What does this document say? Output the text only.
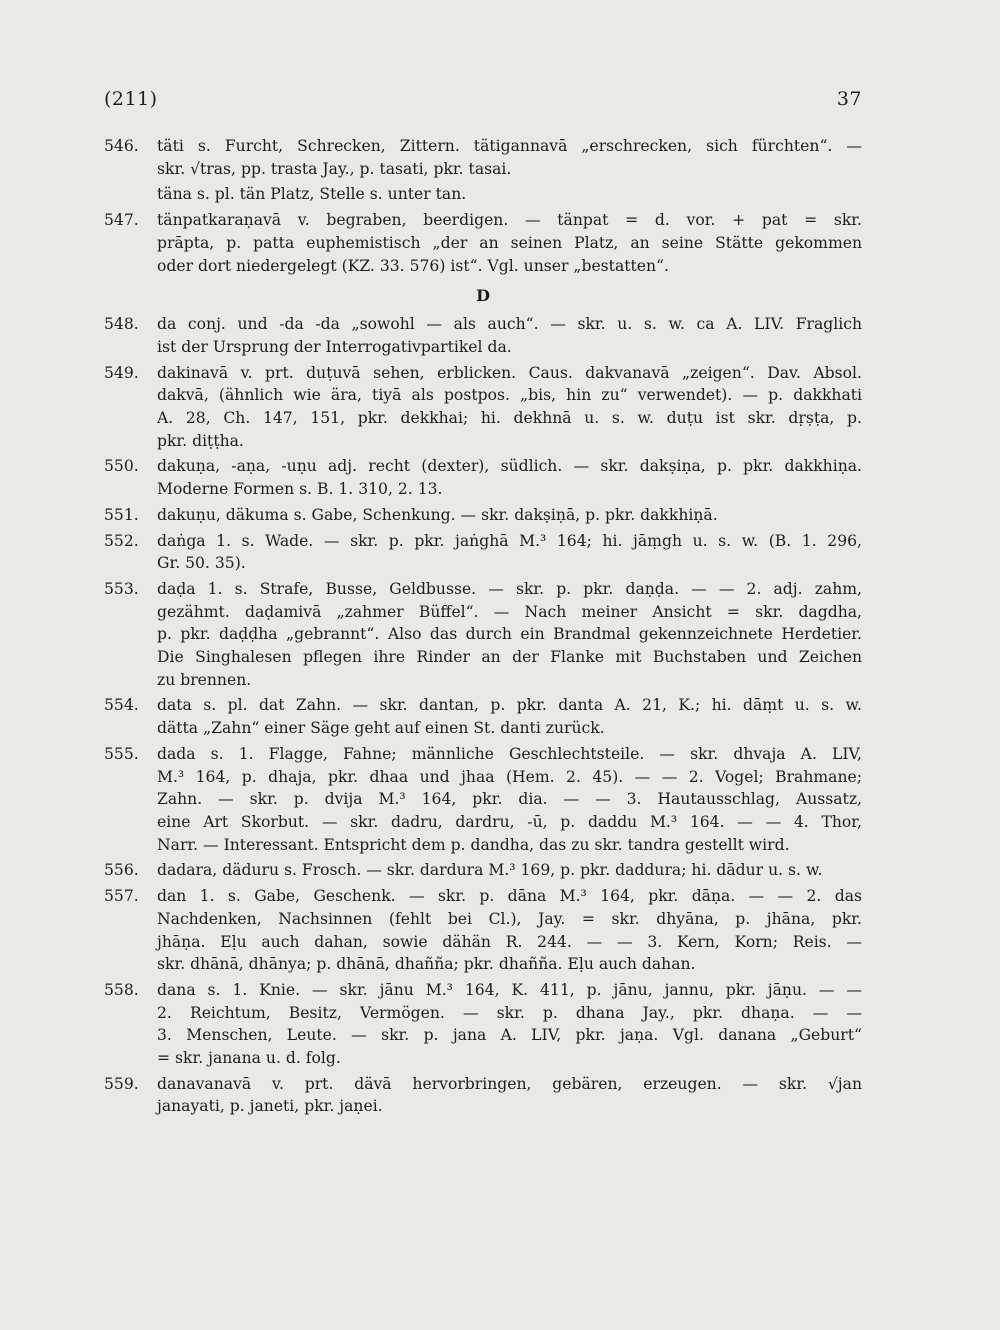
(211)	37
546. täti s. Furcht, Schrecken, Zittern. tätigannavā „erschrecken, sich fürchten“. —
skr. √tras, pp. trasta Jay., p. tasati, pkr. tasai.
täna s. pl. tän Platz, Stelle s. unter tan.
547. tänpatkaraṇavā v. begraben, beerdigen. — tänpat = d. vor. + pat = skr.
prāpta, p. patta euphemistisch „der an seinen Platz, an seine Stätte gekommen
oder dort niedergelegt (KZ. 33. 576) ist“. Vgl. unser „bestatten“.
D
548. da conj. und -da -da „sowohl — als auch“. — skr. u. s. w. ca A. LIV. Fraglich
ist der Ursprung der Interrogativpartikel da.
549. dakinavā v. prt. duṭuvā sehen, erblicken. Caus. dakvanavā „zeigen“. Dav. Absol.
dakvā, (ähnlich wie ära, tiyā als postpos. „bis, hin zu“ verwendet). — p. dakkhati
A. 28, Ch. 147, 151, pkr. dekkhai; hi. dekhnā u. s. w. duṭu ist skr. dṛṣṭa, p.
pkr. diṭṭha.
550. dakuṇa, -aṇa, -uṇu adj. recht (dexter), südlich. — skr. dakṣiṇa, p. pkr. dakkhiṇa.
Moderne Formen s. B. 1. 310, 2. 13.
551. dakuṇu, däkuma s. Gabe, Schenkung. — skr. dakṣiṇā, p. pkr. dakkhiṇā.
552. daṅga 1. s. Wade. — skr. p. pkr. jaṅghā M.³ 164; hi. jāṃgh u. s. w. (B. 1. 296,
Gr. 50. 35).
553. daḍa 1. s. Strafe, Busse, Geldbusse. — skr. p. pkr. daṇḍa. — — 2. adj. zahm,
gezähmt. daḍamivā „zahmer Büffel“. — Nach meiner Ansicht = skr. dagdha,
p. pkr. daḍḍha „gebrannt“. Also das durch ein Brandmal gekennzeichnete Herdetier.
Die Singhalesen pflegen ihre Rinder an der Flanke mit Buchstaben und Zeichen
zu brennen.
554. data s. pl. dat Zahn. — skr. dantan, p. pkr. danta A. 21, K.; hi. dāṃt u. s. w.
dätta „Zahn“ einer Säge geht auf einen St. danti zurück.
555. dada s. 1. Flagge, Fahne; männliche Geschlechtsteile. — skr. dhvaja A. LIV,
M.³ 164, p. dhaja, pkr. dhaa und jhaa (Hem. 2. 45). — — 2. Vogel; Brahmane;
Zahn. — skr. p. dvija M.³ 164, pkr. dia. — — 3. Hautausschlag, Aussatz,
eine Art Skorbut. — skr. dadru, dardru, -ū, p. daddu M.³ 164. — — 4. Thor,
Narr. — Interessant. Entspricht dem p. dandha, das zu skr. tandra gestellt wird.
556. dadara, däduru s. Frosch. — skr. dardura M.³ 169, p. pkr. daddura; hi. dādur u. s. w.
557. dan 1. s. Gabe, Geschenk. — skr. p. dāna M.³ 164, pkr. dāṇa. — — 2. das
Nachdenken, Nachsinnen (fehlt bei Cl.), Jay. = skr. dhyāna, p. jhāna, pkr.
jhāṇa. Eḷu auch dahan, sowie dähän R. 244. — — 3. Kern, Korn; Reis. —
skr. dhānā, dhānya; p. dhānā, dhañña; pkr. dhañña. Eḷu auch dahan.
558. dana s. 1. Knie. — skr. jānu M.³ 164, K. 411, p. jānu, jannu, pkr. jāṇu. — —
2. Reichtum, Besitz, Vermögen. — skr. p. dhana Jay., pkr. dhaṇa. — —
3. Menschen, Leute. — skr. p. jana A. LIV, pkr. jaṇa. Vgl. danana „Geburt“
= skr. janana u. d. folg.
559. danavanavā v. prt. dävā hervorbringen, gebären, erzeugen. — skr. √jan
janayati, p. janeti, pkr. jaṇei.
